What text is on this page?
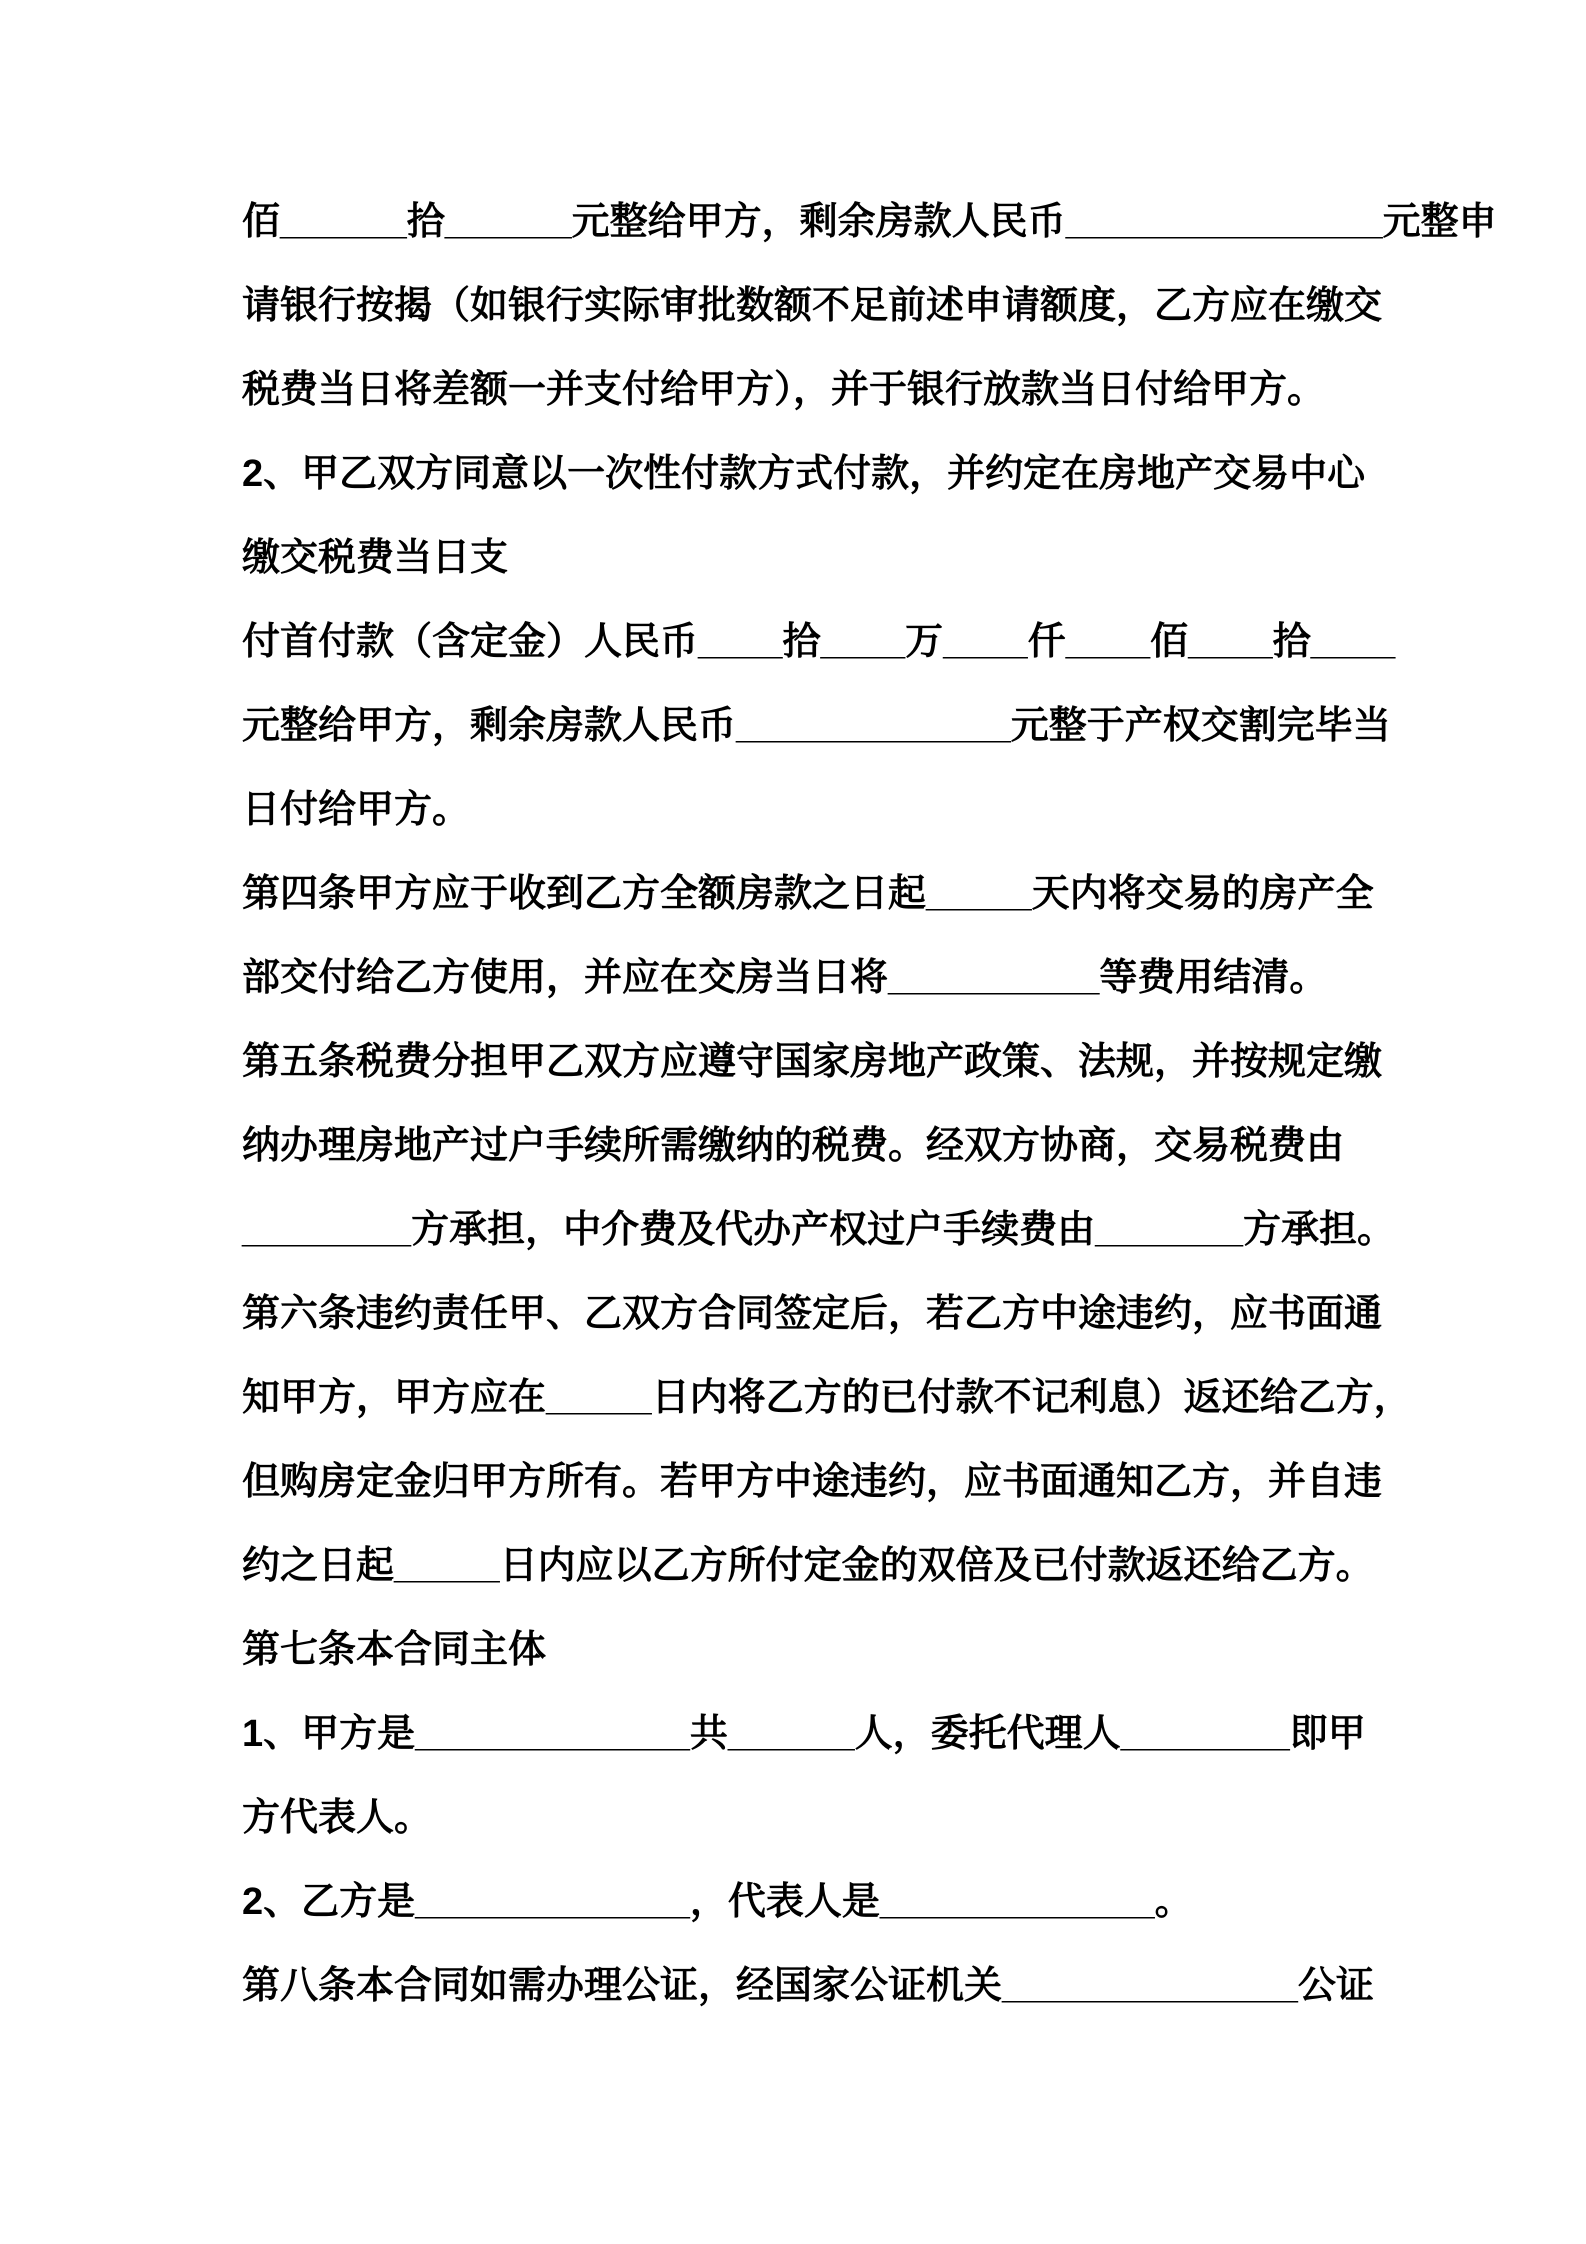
佰______拾______元整给甲方，剩余房款人民币_______________元整申
请银行按揭（如银行实际审批数额不足前述申请额度，乙方应在缴交
税费当日将差额一并支付给甲方），并于银行放款当日付给甲方。
2、甲乙双方同意以一次性付款方式付款，并约定在房地产交易中心
缴交税费当日支
付首付款（含定金）人民币____拾____万____仟____佰____拾____
元整给甲方，剩余房款人民币_____________元整于产权交割完毕当
日付给甲方。
第四条甲方应于收到乙方全额房款之日起_____天内将交易的房产全
部交付给乙方使用，并应在交房当日将__________等费用结清。
第五条税费分担甲乙双方应遵守国家房地产政策、法规，并按规定缴
纳办理房地产过户手续所需缴纳的税费。经双方协商，交易税费由
________方承担，中介费及代办产权过户手续费由_______方承担。
第六条违约责任甲、乙双方合同签定后，若乙方中途违约，应书面通
知甲方，甲方应在_____日内将乙方的已付款不记利息）返还给乙方，
但购房定金归甲方所有。若甲方中途违约，应书面通知乙方，并自违
约之日起_____日内应以乙方所付定金的双倍及已付款返还给乙方。
第七条本合同主体
1、甲方是_____________共______人，委托代理人________即甲
方代表人。
2、乙方是_____________，代表人是_____________。
第八条本合同如需办理公证，经国家公证机关______________公证
